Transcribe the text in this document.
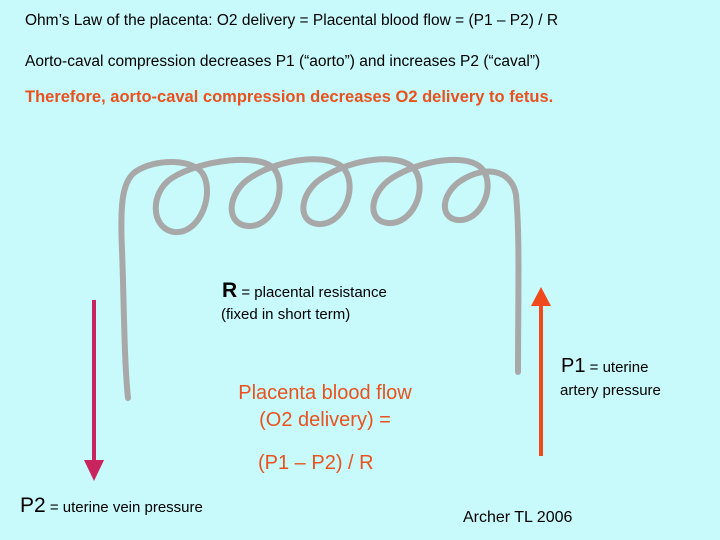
Ohm’s Law of the placenta: O2 delivery = Placental blood flow = (P1 – P2) / R
Aorto-caval compression decreases P1 (“aorto”) and increases P2 (“caval”)
Therefore, aorto-caval compression decreases O2 delivery to fetus.
R = placental resistance
(fixed in short term)
P1 = uterine
artery pressure
Placenta blood flow
(O2 delivery) =
(P1 – P2) / R
P2 = uterine vein pressure
Archer TL 2006
